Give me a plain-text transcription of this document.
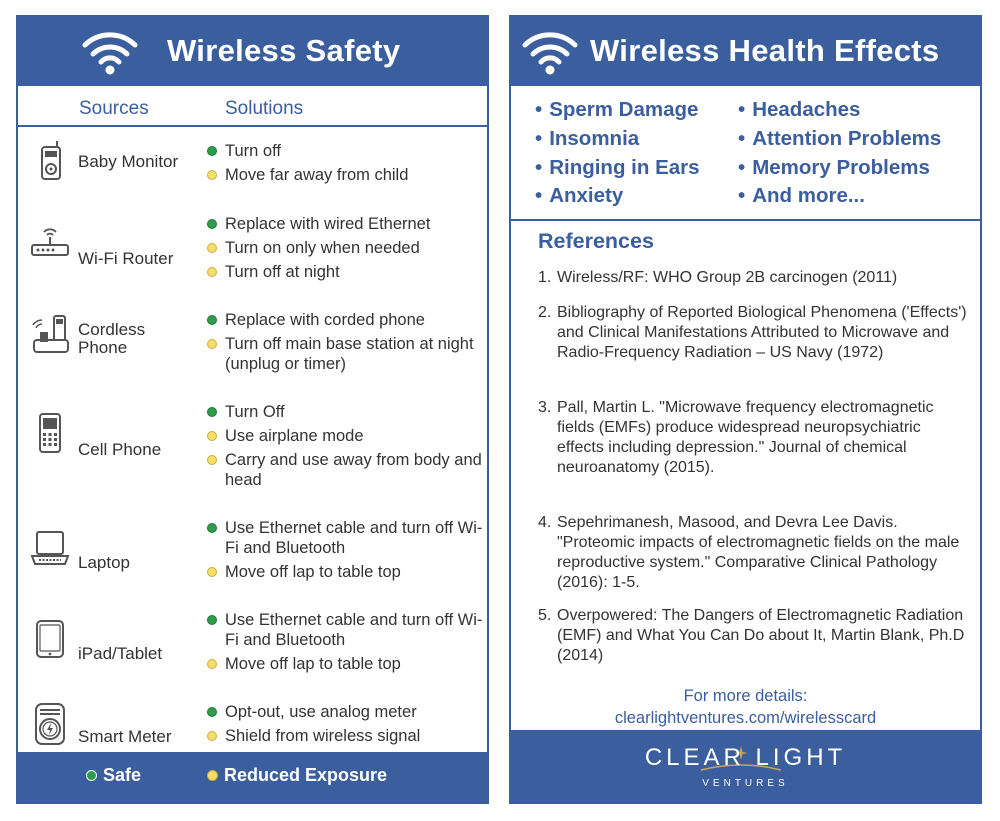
Wireless Safety
Sources	Solutions
Baby Monitor
Turn off
Move far away from child
Wi-Fi Router
Replace with wired Ethernet
Turn on only when needed
Turn off at night
Cordless
Phone
Replace with corded phone
Turn off main base station at night (unplug or timer)
Cell Phone
Turn Off
Use airplane mode
Carry and use away from body and head
Laptop
Use Ethernet cable and turn off Wi-Fi and Bluetooth
Move off lap to table top
iPad/Tablet
Use Ethernet cable and turn off Wi-Fi and Bluetooth
Move off lap to table top
Smart Meter
Opt-out, use analog meter
Shield from wireless signal
Safe	Reduced Exposure
Wireless Health Effects
• Sperm Damage
• Insomnia
• Ringing in Ears
• Anxiety
• Headaches
• Attention Problems
• Memory Problems
• And more...
References
1. Wireless/RF: WHO Group 2B carcinogen (2011)
2. Bibliography of Reported Biological Phenomena ('Effects') and Clinical Manifestations Attributed to Microwave and Radio-Frequency Radiation – US Navy (1972)
3. Pall, Martin L. "Microwave frequency electromagnetic fields (EMFs) produce widespread neuropsychiatric effects including depression." Journal of chemical neuroanatomy (2015).
4. Sepehrimanesh, Masood, and Devra Lee Davis. "Proteomic impacts of electromagnetic fields on the male reproductive system." Comparative Clinical Pathology (2016): 1-5.
5. Overpowered: The Dangers of Electromagnetic Radiation (EMF) and What You Can Do about It, Martin Blank, Ph.D (2014)
For more details:
clearlightventures.com/wirelesscard
CLEAR LIGHT
VENTURES
